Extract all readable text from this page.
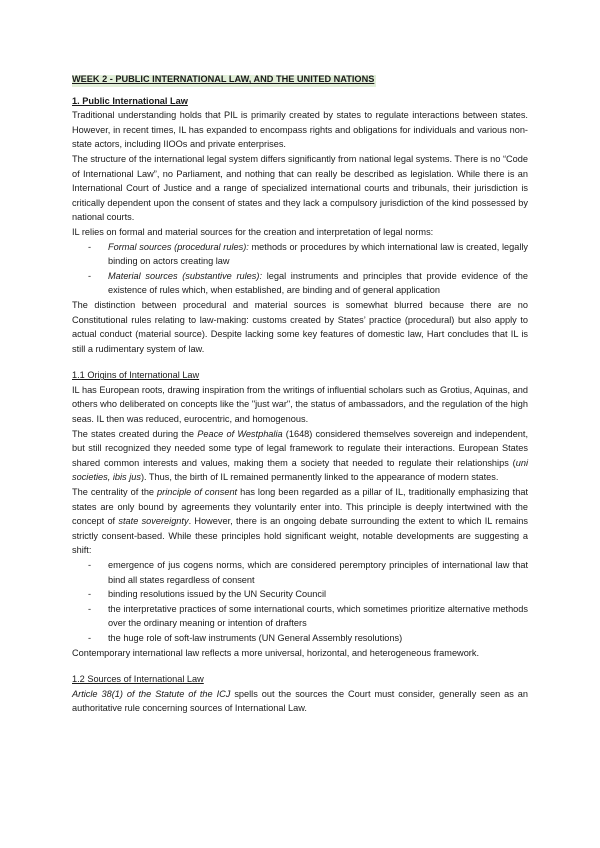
WEEK 2 - PUBLIC INTERNATIONAL LAW, AND THE UNITED NATIONS
1. Public International Law

Traditional understanding holds that PIL is primarily created by states to regulate interactions between states. However, in recent times, IL has expanded to encompass rights and obligations for individuals and various non-state actors, including IIOOs and private enterprises.

The structure of the international legal system differs significantly from national legal systems. There is no “Code of International Law”, no Parliament, and nothing that can really be described as legislation. While there is an International Court of Justice and a range of specialized international courts and tribunals, their jurisdiction is critically dependent upon the consent of states and they lack a compulsory jurisdiction of the kind possessed by national courts.

IL relies on formal and material sources for the creation and interpretation of legal norms:

- Formal sources (procedural rules): methods or procedures by which international law is created, legally binding on actors creating law
- Material sources (substantive rules): legal instruments and principles that provide evidence of the existence of rules which, when established, are binding and of general application

The distinction between procedural and material sources is somewhat blurred because there are no Constitutional rules relating to law-making: customs created by States’ practice (procedural) but also apply to actual conduct (material source). Despite lacking some key features of domestic law, Hart concludes that IL is still a rudimentary system of law.

1.1 Origins of International Law

IL has European roots, drawing inspiration from the writings of influential scholars such as Grotius, Aquinas, and others who deliberated on concepts like the "just war", the status of ambassadors, and the regulation of the high seas. IL then was reduced, eurocentric, and homogenous.

The states created during the Peace of Westphalia (1648) considered themselves sovereign and independent, but still recognized they needed some type of legal framework to regulate their interactions. European States shared common interests and values, making them a society that needed to regulate their relationships (uni societies, ibis jus). Thus, the birth of IL remained permanently linked to the appearance of modern states.

The centrality of the principle of consent has long been regarded as a pillar of IL, traditionally emphasizing that states are only bound by agreements they voluntarily enter into. This principle is deeply intertwined with the concept of state sovereignty. However, there is an ongoing debate surrounding the extent to which IL remains strictly consent-based. While these principles hold significant weight, notable developments are suggesting a shift:

- emergence of jus cogens norms, which are considered peremptory principles of international law that bind all states regardless of consent
- binding resolutions issued by the UN Security Council
- the interpretative practices of some international courts, which sometimes prioritize alternative methods over the ordinary meaning or intention of drafters
- the huge role of soft-law instruments (UN General Assembly resolutions)

Contemporary international law reflects a more universal, horizontal, and heterogeneous framework.

1.2 Sources of International Law

Article 38(1) of the Statute of the ICJ spells out the sources the Court must consider, generally seen as an authoritative rule concerning sources of International Law.
